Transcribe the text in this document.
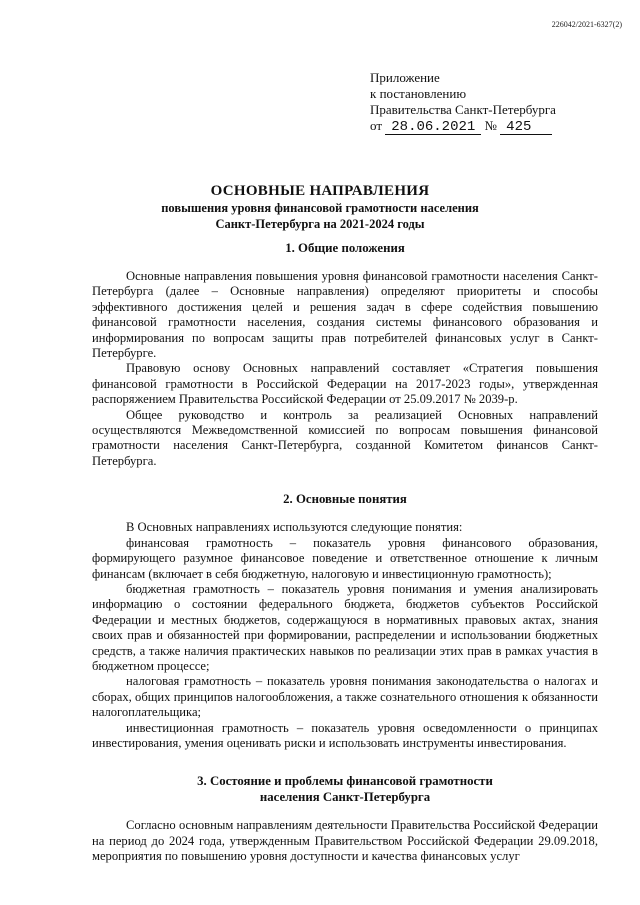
226042/2021-6327(2)
Приложение
к постановлению
Правительства Санкт-Петербурга
от 28.06.2021 № 425
ОСНОВНЫЕ НАПРАВЛЕНИЯ
повышения уровня финансовой грамотности населения
Санкт-Петербурга на 2021-2024 годы
1. Общие положения

Основные направления повышения уровня финансовой грамотности населения Санкт-Петербурга (далее – Основные направления) определяют приоритеты и способы эффективного достижения целей и решения задач в сфере содействия повышению финансовой грамотности населения, создания системы финансового образования и информирования по вопросам защиты прав потребителей финансовых услуг в Санкт-Петербурге.

Правовую основу Основных направлений составляет «Стратегия повышения финансовой грамотности в Российской Федерации на 2017-2023 годы», утвержденная распоряжением Правительства Российской Федерации от 25.09.2017 № 2039-р.

Общее руководство и контроль за реализацией Основных направлений осуществляются Межведомственной комиссией по вопросам повышения финансовой грамотности населения Санкт-Петербурга, созданной Комитетом финансов Санкт-Петербурга.

2. Основные понятия

В Основных направлениях используются следующие понятия:

финансовая грамотность – показатель уровня финансового образования, формирующего разумное финансовое поведение и ответственное отношение к личным финансам (включает в себя бюджетную, налоговую и инвестиционную грамотность);

бюджетная грамотность – показатель уровня понимания и умения анализировать информацию о состоянии федерального бюджета, бюджетов субъектов Российской Федерации и местных бюджетов, содержащуюся в нормативных правовых актах, знания своих прав и обязанностей при формировании, распределении и использовании бюджетных средств, а также наличия практических навыков по реализации этих прав в рамках участия в бюджетном процессе;

налоговая грамотность – показатель уровня понимания законодательства о налогах и сборах, общих принципов налогообложения, а также сознательного отношения к обязанности налогоплательщика;

инвестиционная грамотность – показатель уровня осведомленности о принципах инвестирования, умения оценивать риски и использовать инструменты инвестирования.

3. Состояние и проблемы финансовой грамотности
населения Санкт-Петербурга

Согласно основным направлениям деятельности Правительства Российской Федерации на период до 2024 года, утвержденным Правительством Российской Федерации 29.09.2018, мероприятия по повышению уровня доступности и качества финансовых услуг
